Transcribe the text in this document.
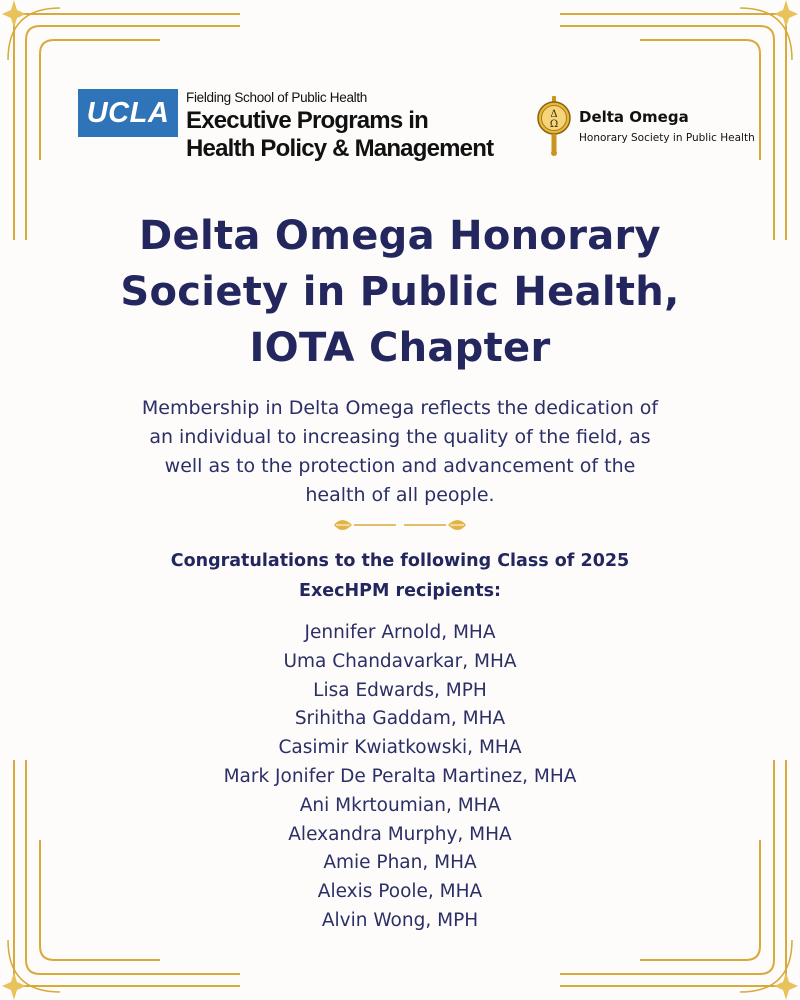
UCLA	Fielding School of Public Health
Executive Programs in
Health Policy & Management
Δ
Ω Delta Omega
Honorary Society in Public Health
Delta Omega Honorary
Society in Public Health,
IOTA Chapter
Membership in Delta Omega reflects the dedication of
an individual to increasing the quality of the field, as
well as to the protection and advancement of the
health of all people.
Congratulations to the following Class of 2025
ExecHPM recipients:
Jennifer Arnold, MHA
Uma Chandavarkar, MHA
Lisa Edwards, MPH
Srihitha Gaddam, MHA
Casimir Kwiatkowski, MHA
Mark Jonifer De Peralta Martinez, MHA
Ani Mkrtoumian, MHA
Alexandra Murphy, MHA
Amie Phan, MHA
Alexis Poole, MHA
Alvin Wong, MPH
